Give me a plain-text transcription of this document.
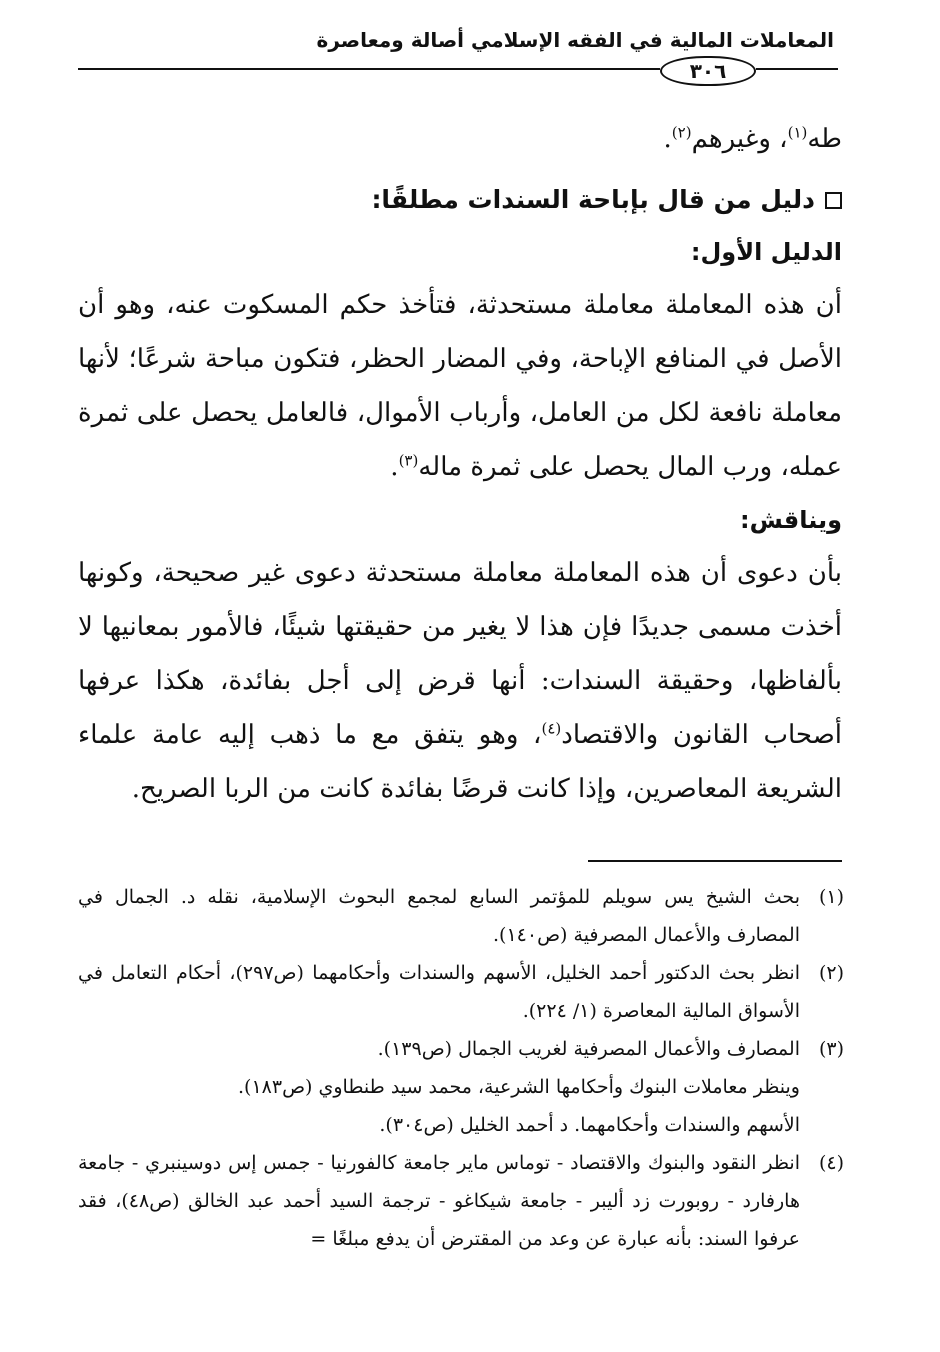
المعاملات المالية في الفقه الإسلامي أصالة ومعاصرة
٣٠٦

طه$^{(١)}$، وغيرهم$^{(٢)}$.

دليل من قال بإباحة السندات مطلقًا:

الدليل الأول:

أن هذه المعاملة معاملة مستحدثة، فتأخذ حكم المسكوت عنه، وهو أن الأصل في المنافع الإباحة، وفي المضار الحظر، فتكون مباحة شرعًا؛ لأنها معاملة نافعة لكل من العامل، وأرباب الأموال، فالعامل يحصل على ثمرة عمله، ورب المال يحصل على ثمرة ماله$^{(٣)}$.

ويناقش:

بأن دعوى أن هذه المعاملة معاملة مستحدثة دعوى غير صحيحة، وكونها أخذت مسمى جديدًا فإن هذا لا يغير من حقيقتها شيئًا، فالأمور بمعانيها لا بألفاظها، وحقيقة السندات: أنها قرض إلى أجل بفائدة، هكذا عرفها أصحاب القانون والاقتصاد$^{(٤)}$، وهو يتفق مع ما ذهب إليه عامة علماء الشريعة المعاصرين، وإذا كانت قرضًا بفائدة كانت من الربا الصريح.

(١)
بحث الشيخ يس سويلم للمؤتمر السابع لمجمع البحوث الإسلامية، نقله د. الجمال في المصارف والأعمال المصرفية (ص١٤٠).
(٢)
انظر بحث الدكتور أحمد الخليل، الأسهم والسندات وأحكامهما (ص٢٩٧)، أحكام التعامل في الأسواق المالية المعاصرة (١/ ٢٢٤).
(٣)
المصارف والأعمال المصرفية لغريب الجمال (ص١٣٩).
وينظر معاملات البنوك وأحكامها الشرعية، محمد سيد طنطاوي (ص١٨٣).
الأسهم والسندات وأحكامهما. د أحمد الخليل (ص٣٠٤).
(٤)
انظر النقود والبنوك والاقتصاد - توماس ماير جامعة كالفورنيا - جمس إس دوسينبري - جامعة هارفارد - روبورت زد أليبر - جامعة شيكاغو - ترجمة السيد أحمد عبد الخالق (ص٤٨)، فقد عرفوا السند: بأنه عبارة عن وعد من المقترض أن يدفع مبلغًا =
